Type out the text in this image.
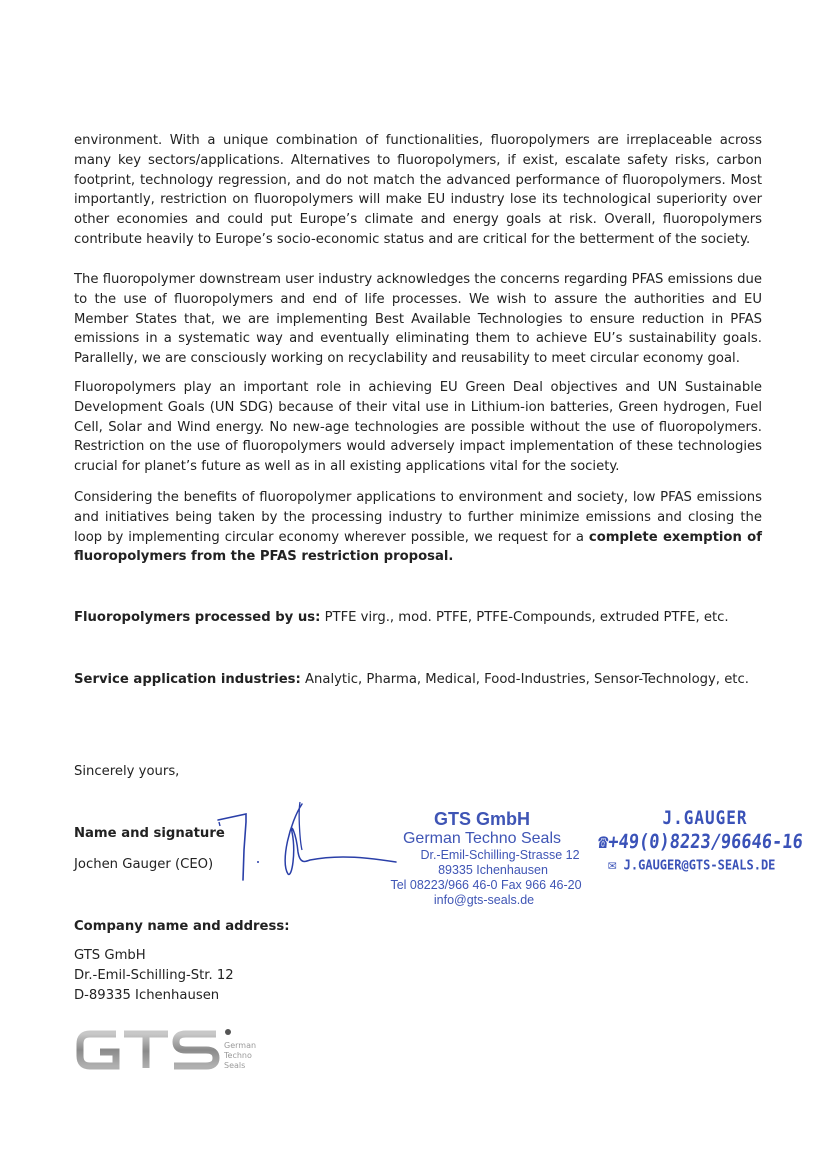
environment. With a unique combination of functionalities, fluoropolymers are irreplaceable across many key sectors/applications. Alternatives to fluoropolymers, if exist, escalate safety risks, carbon footprint, technology regression, and do not match the advanced performance of fluoropolymers. Most importantly, restriction on fluoropolymers will make EU industry lose its technological superiority over other economies and could put Europe’s climate and energy goals at risk. Overall, fluoropolymers contribute heavily to Europe’s socio-economic status and are critical for the betterment of the society.

The fluoropolymer downstream user industry acknowledges the concerns regarding PFAS emissions due to the use of fluoropolymers and end of life processes. We wish to assure the authorities and EU Member States that, we are implementing Best Available Technologies to ensure reduction in PFAS emissions in a systematic way and eventually eliminating them to achieve EU’s sustainability goals. Parallelly, we are consciously working on recyclability and reusability to meet circular economy goal.

Fluoropolymers play an important role in achieving EU Green Deal objectives and UN Sustainable Development Goals (UN SDG) because of their vital use in Lithium-ion batteries, Green hydrogen, Fuel Cell, Solar and Wind energy. No new-age technologies are possible without the use of fluoropolymers. Restriction on the use of fluoropolymers would adversely impact implementation of these technologies crucial for planet’s future as well as in all existing applications vital for the society.

Considering the benefits of fluoropolymer applications to environment and society, low PFAS emissions and initiatives being taken by the processing industry to further minimize emissions and closing the loop by implementing circular economy wherever possible, we request for a complete exemption of fluoropolymers from the PFAS restriction proposal.

Fluoropolymers processed by us: PTFE virg., mod. PTFE, PTFE-Compounds, extruded PTFE, etc.
Service application industries: Analytic, Pharma, Medical, Food-Industries, Sensor-Technology, etc.
Sincerely yours,
Name and signature
Jochen Gauger (CEO)
GTS GmbH
German Techno Seals
Dr.-Emil-Schilling-Strasse 12
89335 Ichenhausen
Tel 08223/966 46-0 Fax 966 46-20
info@gts-seals.de
J.GAUGER
☎+49(0)8223/96646-16
✉ J.GAUGER@GTS-SEALS.DE
Company name and address:
GTS GmbH
Dr.-Emil-Schilling-Str. 12
D-89335 Ichenhausen
German
Techno
Seals
